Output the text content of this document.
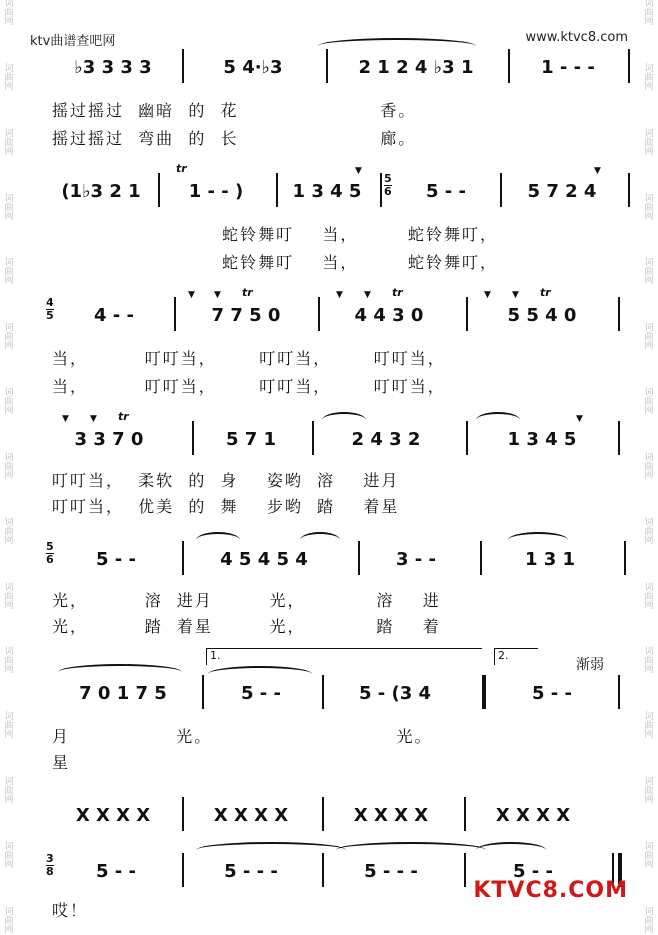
词
曲
网
词
曲
网
词
曲
网
词
曲
网
词
曲
网
词
曲
网
词
曲
网
词
曲
网
词
曲
网
词
曲
网
词
曲
网
词
曲
网
词
曲
网
词
曲
网
词
曲
网
词
曲
网
词
曲
网
词
曲
网
词
曲
网
词
曲
网
词
曲
网
词
曲
网
词
曲
网
词
曲
网
词
曲
网
词
曲
网
词
曲
网
词
曲
网
词
曲
网
词
曲
网
ktv曲谱查吧网	www.ktvc8.com
♭3 3 3 3	5 4·♭3	2 1 2 4 ♭3 1	1 - - -
摇过摇过  幽暗  的  花                    香。
摇过摇过  弯曲  的  长                    廊。
(1♭3 2 1	1 - - )	1 3 4 5
5
6	5 - -	5 7 2 4
tr	▼	▼
蛇铃舞叮    当，       蛇铃舞叮，
蛇铃舞叮    当，       蛇铃舞叮，
4
5	4 - -	7 7 5 0	4 4 3 0	5 5 4 0
▼ ▼ tr	▼ ▼ tr	▼ ▼ tr
当，        叮叮当，      叮叮当，      叮叮当，
当，        叮叮当，      叮叮当，      叮叮当，
3 3 7 0	5 7 1	2 4 3 2	1 3 4 5
▼ ▼ tr	▼
叮叮当，  柔软  的  身    姿哟  溶    进月
叮叮当，  优美  的  舞    步哟  踏    着星
5
6	5 - -	4 5 4 5 4	3 - -	1 3 1
光，        溶  进月        光，          溶    进
光，        踏  着星        光，          踏    着
7 0 1 7 5	5 - -	5 - (3 4	5 - -
1.	2.
渐弱
月               光。                          光。
星
X X X X	X X X X	X X X X	X X X X
3
8	5 - -	5 - - -	5 - - -	5 - -
哎！
KTVC8.COM
